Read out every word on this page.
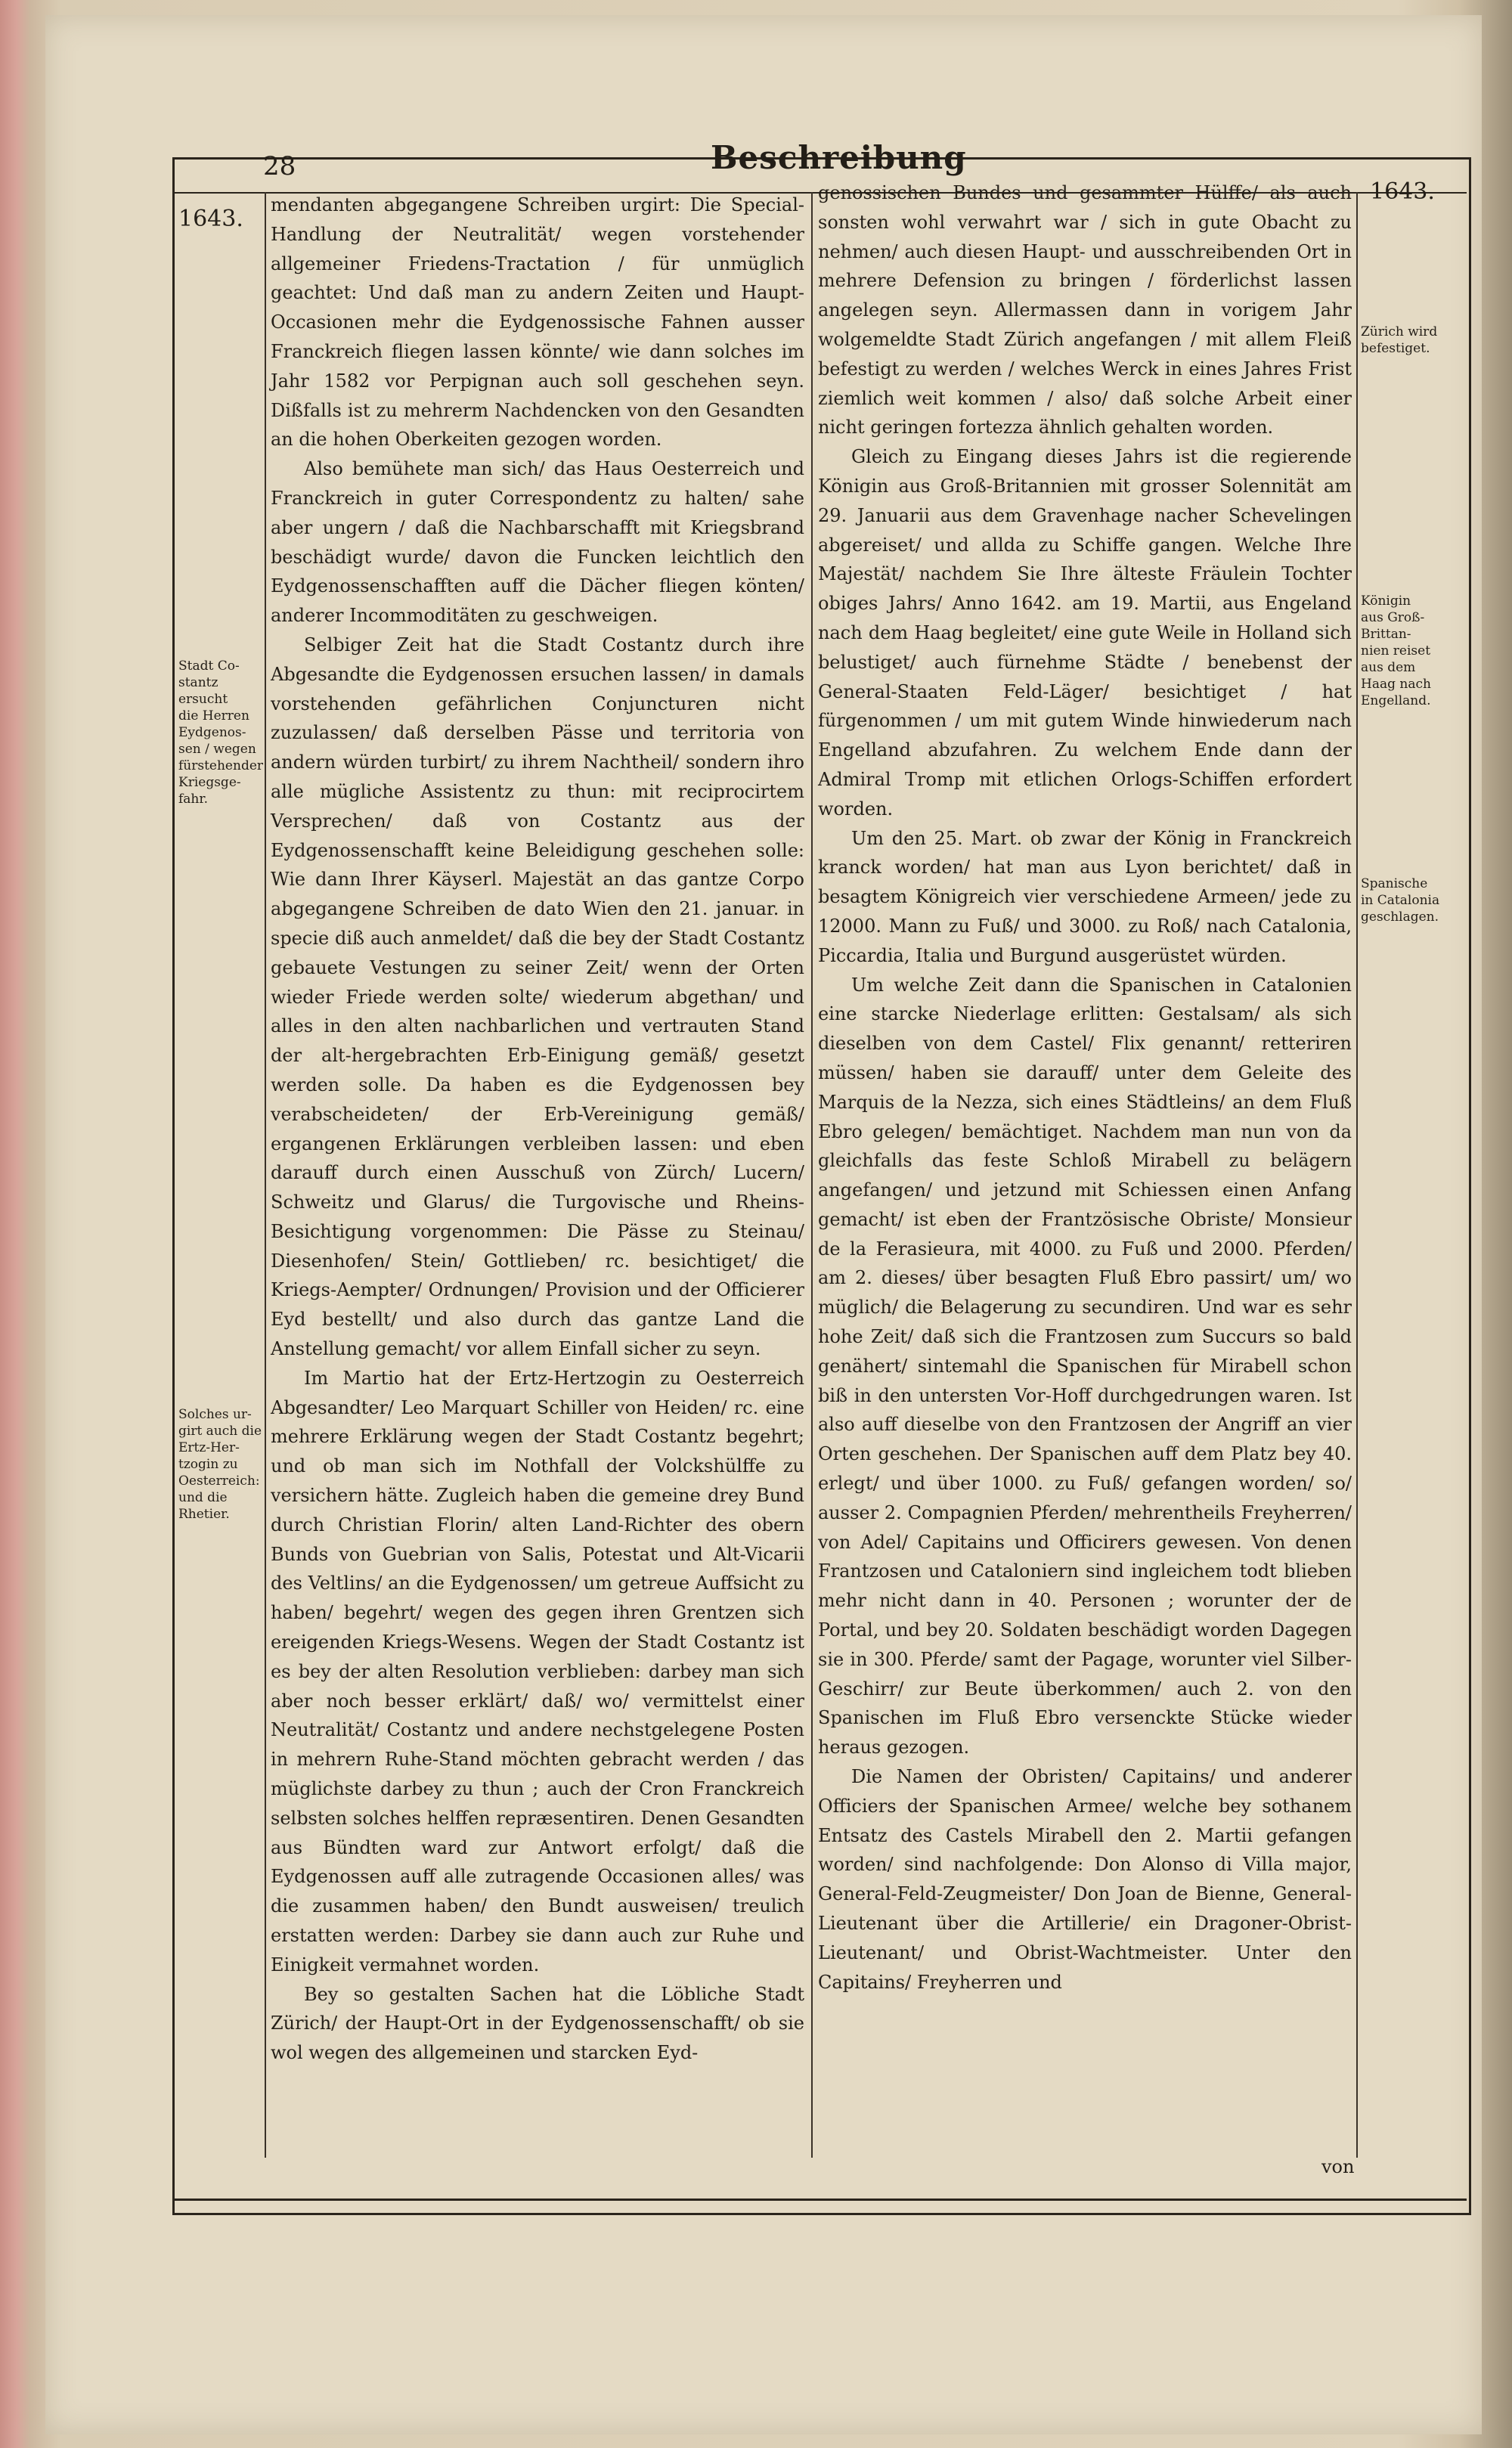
28	Beschreibung
1643.
1643.
Stadt Co-
stantz ersucht
die Herren
Eydgenos-
sen / wegen
fürstehender
Kriegsge-
fahr.
Solches ur-
girt auch die
Ertz-Her-
tzogin zu
Oesterreich:
und die
Rhetier.
Zürich wird
befestiget.
Königin
aus Groß-
Brittan-
nien reiset
aus dem
Haag nach
Engelland.
Spanische
in Catalonia
geschlagen.

mendanten abgegangene Schreiben urgirt: Die Special-Handlung der Neutralität/ wegen vorstehender allgemeiner Friedens-Tractation / für unmüglich geachtet: Und daß man zu andern Zeiten und Haupt-Occasionen mehr die Eydgenossische Fahnen ausser Franckreich fliegen lassen könnte/ wie dann solches im Jahr 1582 vor Perpignan auch soll geschehen seyn. Dißfalls ist zu mehrerm Nachdencken von den Gesandten an die hohen Oberkeiten gezogen worden.

Also bemühete man sich/ das Haus Oesterreich und Franckreich in guter Correspondentz zu halten/ sahe aber ungern / daß die Nachbarschafft mit Kriegsbrand beschädigt wurde/ davon die Funcken leichtlich den Eydgenossenschafften auff die Dächer fliegen könten/ anderer Incommoditäten zu geschweigen.

Selbiger Zeit hat die Stadt Costantz durch ihre Abgesandte die Eydgenossen ersuchen lassen/ in damals vorstehenden gefährlichen Conjuncturen nicht zuzulassen/ daß derselben Pässe und territoria von andern würden turbirt/ zu ihrem Nachtheil/ sondern ihro alle mügliche Assistentz zu thun: mit reciprocirtem Versprechen/ daß von Costantz aus der Eydgenossenschafft keine Beleidigung geschehen solle: Wie dann Ihrer Käyserl. Majestät an das gantze Corpo abgegangene Schreiben de dato Wien den 21. januar. in specie diß auch anmeldet/ daß die bey der Stadt Costantz gebauete Vestungen zu seiner Zeit/ wenn der Orten wieder Friede werden solte/ wiederum abgethan/ und alles in den alten nachbarlichen und vertrauten Stand der alt-hergebrachten Erb-Einigung gemäß/ gesetzt werden solle. Da haben es die Eydgenossen bey verabscheideten/ der Erb-Vereinigung gemäß/ ergangenen Erklärungen verbleiben lassen: und eben darauff durch einen Ausschuß von Zürch/ Lucern/ Schweitz und Glarus/ die Turgovische und Rheins-Besichtigung vorgenommen: Die Pässe zu Steinau/ Diesenhofen/ Stein/ Gottlieben/ rc. besichtiget/ die Kriegs-Aempter/ Ordnungen/ Provision und der Officierer Eyd bestellt/ und also durch das gantze Land die Anstellung gemacht/ vor allem Einfall sicher zu seyn.

Im Martio hat der Ertz-Hertzogin zu Oesterreich Abgesandter/ Leo Marquart Schiller von Heiden/ rc. eine mehrere Erklärung wegen der Stadt Costantz begehrt; und ob man sich im Nothfall der Volckshülffe zu versichern hätte. Zugleich haben die gemeine drey Bund durch Christian Florin/ alten Land-Richter des obern Bunds von Guebrian von Salis, Potestat und Alt-Vicarii des Veltlins/ an die Eydgenossen/ um getreue Auffsicht zu haben/ begehrt/ wegen des gegen ihren Grentzen sich ereigenden Kriegs-Wesens. Wegen der Stadt Costantz ist es bey der alten Resolution verblieben: darbey man sich aber noch besser erklärt/ daß/ wo/ vermittelst einer Neutralität/ Costantz und andere nechstgelegene Posten in mehrern Ruhe-Stand möchten gebracht werden / das müglichste darbey zu thun ; auch der Cron Franckreich selbsten solches helffen repræsentiren. Denen Gesandten aus Bündten ward zur Antwort erfolgt/ daß die Eydgenossen auff alle zutragende Occasionen alles/ was die zusammen haben/ den Bundt ausweisen/ treulich erstatten werden: Darbey sie dann auch zur Ruhe und Einigkeit vermahnet worden.

Bey so gestalten Sachen hat die Löbliche Stadt Zürich/ der Haupt-Ort in der Eydgenossenschafft/ ob sie wol wegen des allgemeinen und starcken Eyd-

genossischen Bundes und gesammter Hülffe/ als auch sonsten wohl verwahrt war / sich in gute Obacht zu nehmen/ auch diesen Haupt- und ausschreibenden Ort in mehrere Defension zu bringen / förderlichst lassen angelegen seyn. Allermassen dann in vorigem Jahr wolgemeldte Stadt Zürich angefangen / mit allem Fleiß befestigt zu werden / welches Werck in eines Jahres Frist ziemlich weit kommen / also/ daß solche Arbeit einer nicht geringen fortezza ähnlich gehalten worden.

Gleich zu Eingang dieses Jahrs ist die regierende Königin aus Groß-Britannien mit grosser Solennität am 29. Januarii aus dem Gravenhage nacher Schevelingen abgereiset/ und allda zu Schiffe gangen. Welche Ihre Majestät/ nachdem Sie Ihre älteste Fräulein Tochter obiges Jahrs/ Anno 1642. am 19. Martii, aus Engeland nach dem Haag begleitet/ eine gute Weile in Holland sich belustiget/ auch fürnehme Städte / benebenst der General-Staaten Feld-Läger/ besichtiget / hat fürgenommen / um mit gutem Winde hinwiederum nach Engelland abzufahren. Zu welchem Ende dann der Admiral Tromp mit etlichen Orlogs-Schiffen erfordert worden.

Um den 25. Mart. ob zwar der König in Franckreich kranck worden/ hat man aus Lyon berichtet/ daß in besagtem Königreich vier verschiedene Armeen/ jede zu 12000. Mann zu Fuß/ und 3000. zu Roß/ nach Catalonia, Piccardia, Italia und Burgund ausgerüstet würden.

Um welche Zeit dann die Spanischen in Catalonien eine starcke Niederlage erlitten: Gestalsam/ als sich dieselben von dem Castel/ Flix genannt/ retteriren müssen/ haben sie darauff/ unter dem Geleite des Marquis de la Nezza, sich eines Städtleins/ an dem Fluß Ebro gelegen/ bemächtiget. Nachdem man nun von da gleichfalls das feste Schloß Mirabell zu belägern angefangen/ und jetzund mit Schiessen einen Anfang gemacht/ ist eben der Frantzösische Obriste/ Monsieur de la Ferasieura, mit 4000. zu Fuß und 2000. Pferden/ am 2. dieses/ über besagten Fluß Ebro passirt/ um/ wo müglich/ die Belagerung zu secundiren. Und war es sehr hohe Zeit/ daß sich die Frantzosen zum Succurs so bald genähert/ sintemahl die Spanischen für Mirabell schon biß in den untersten Vor-Hoff durchgedrungen waren. Ist also auff dieselbe von den Frantzosen der Angriff an vier Orten geschehen. Der Spanischen auff dem Platz bey 40. erlegt/ und über 1000. zu Fuß/ gefangen worden/ so/ ausser 2. Compagnien Pferden/ mehrentheils Freyherren/ von Adel/ Capitains und Officirers gewesen. Von denen Frantzosen und Cataloniern sind ingleichem todt blieben mehr nicht dann in 40. Personen ; worunter der de Portal, und bey 20. Soldaten beschädigt worden Dagegen sie in 300. Pferde/ samt der Pagage, worunter viel Silber-Geschirr/ zur Beute überkommen/ auch 2. von den Spanischen im Fluß Ebro versenckte Stücke wieder heraus gezogen.

Die Namen der Obristen/ Capitains/ und anderer Officiers der Spanischen Armee/ welche bey sothanem Entsatz des Castels Mirabell den 2. Martii gefangen worden/ sind nachfolgende: Don Alonso di Villa major, General-Feld-Zeugmeister/ Don Joan de Bienne, General-Lieutenant über die Artillerie/ ein Dragoner-Obrist-Lieutenant/ und Obrist-Wachtmeister. Unter den Capitains/ Freyherren und

von
